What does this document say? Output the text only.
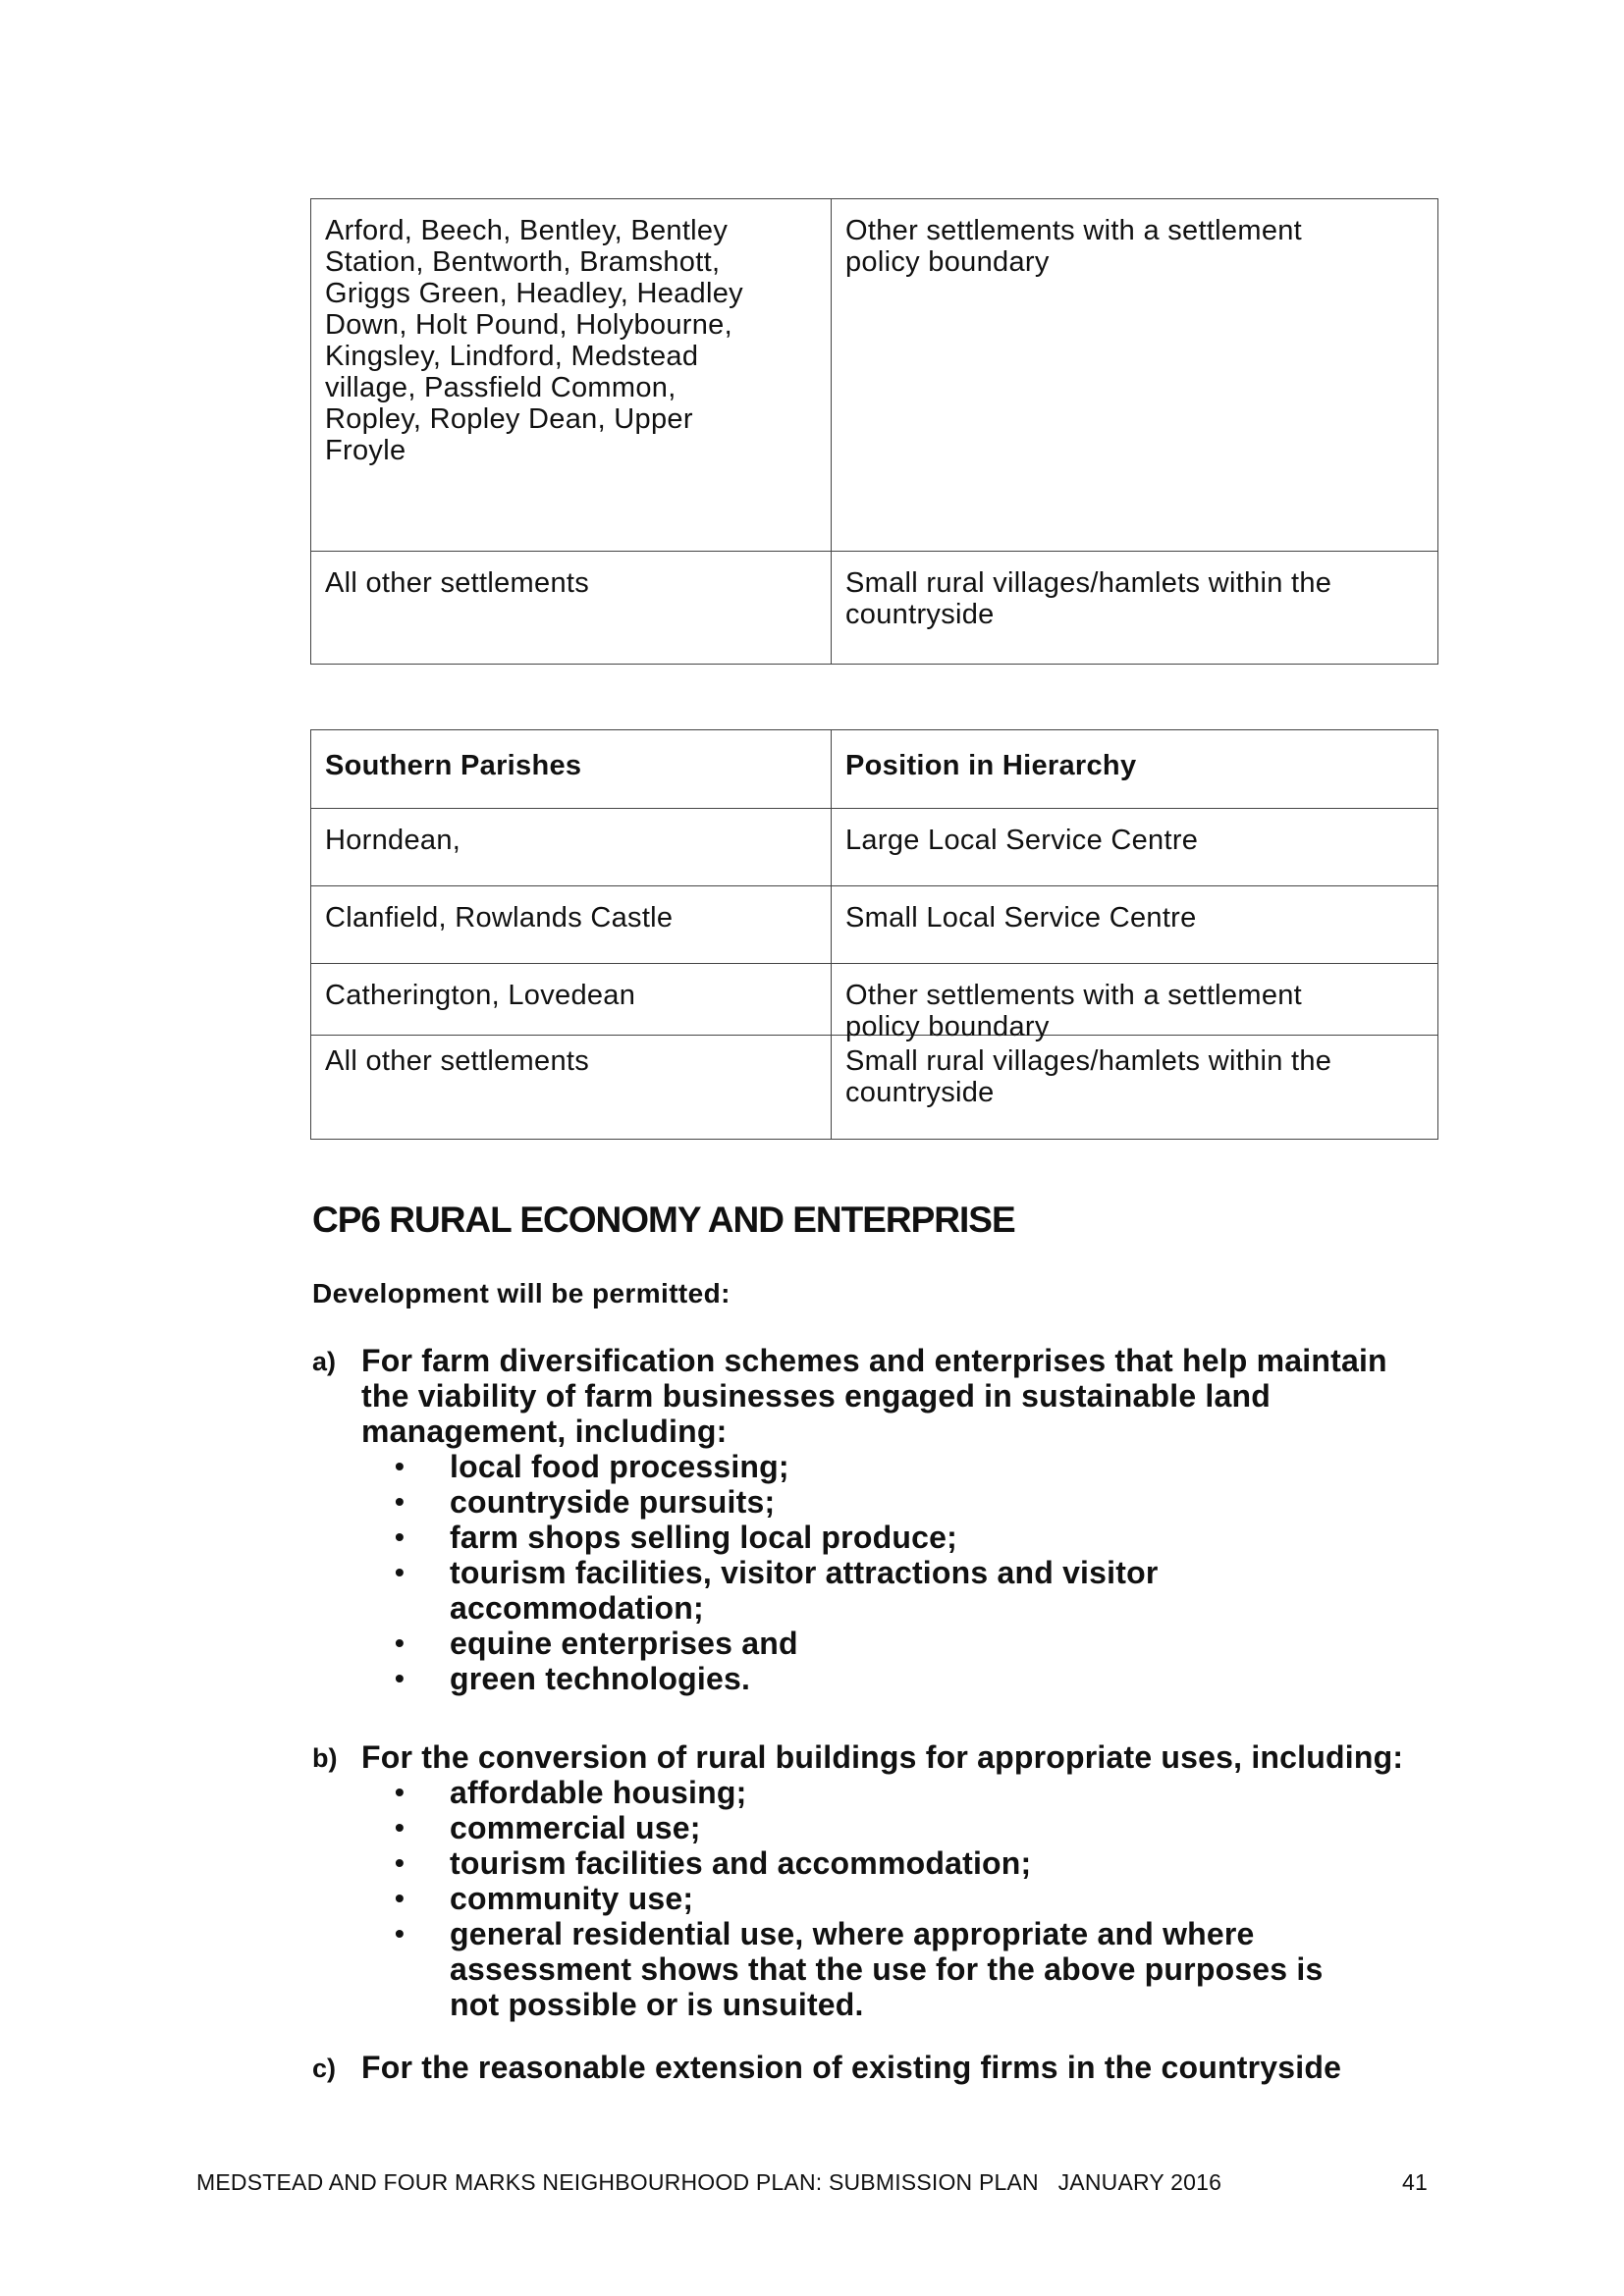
Arford, Beech, Bentley, Bentley Station, Bentworth, Bramshott, Griggs Green, Headley, Headley Down, Holt Pound, Holybourne, Kingsley, Lindford, Medstead village, Passfield Common, Ropley, Ropley Dean, Upper Froyle	Other settlements with a settlement policy boundary
All other settlements	Small rural villages/hamlets within the countryside
Southern Parishes	Position in Hierarchy
Horndean,	Large Local Service Centre
Clanfield, Rowlands Castle	Small Local Service Centre
Catherington, Lovedean	Other settlements with a settlement policy boundary

All other settlements	Small rural villages/hamlets within the countryside
CP6 RURAL ECONOMY AND ENTERPRISE

Development will be permitted:

a) For farm diversification schemes and enterprises that help maintain the viability of farm businesses engaged in sustainable land management, including:
• local food processing;
• countryside pursuits;
• farm shops selling local produce;
• tourism facilities, visitor attractions and visitor accommodation;
• equine enterprises and
• green technologies.
b) For the conversion of rural buildings for appropriate uses, including:
• affordable housing;
• commercial use;
• tourism facilities and accommodation;
• community use;
• general residential use, where appropriate and where assessment shows that the use for the above purposes is not possible or is unsuited.
c) For the reasonable extension of existing firms in the countryside
MEDSTEAD AND FOUR MARKS NEIGHBOURHOOD PLAN: SUBMISSION PLAN   JANUARY 2016	41
